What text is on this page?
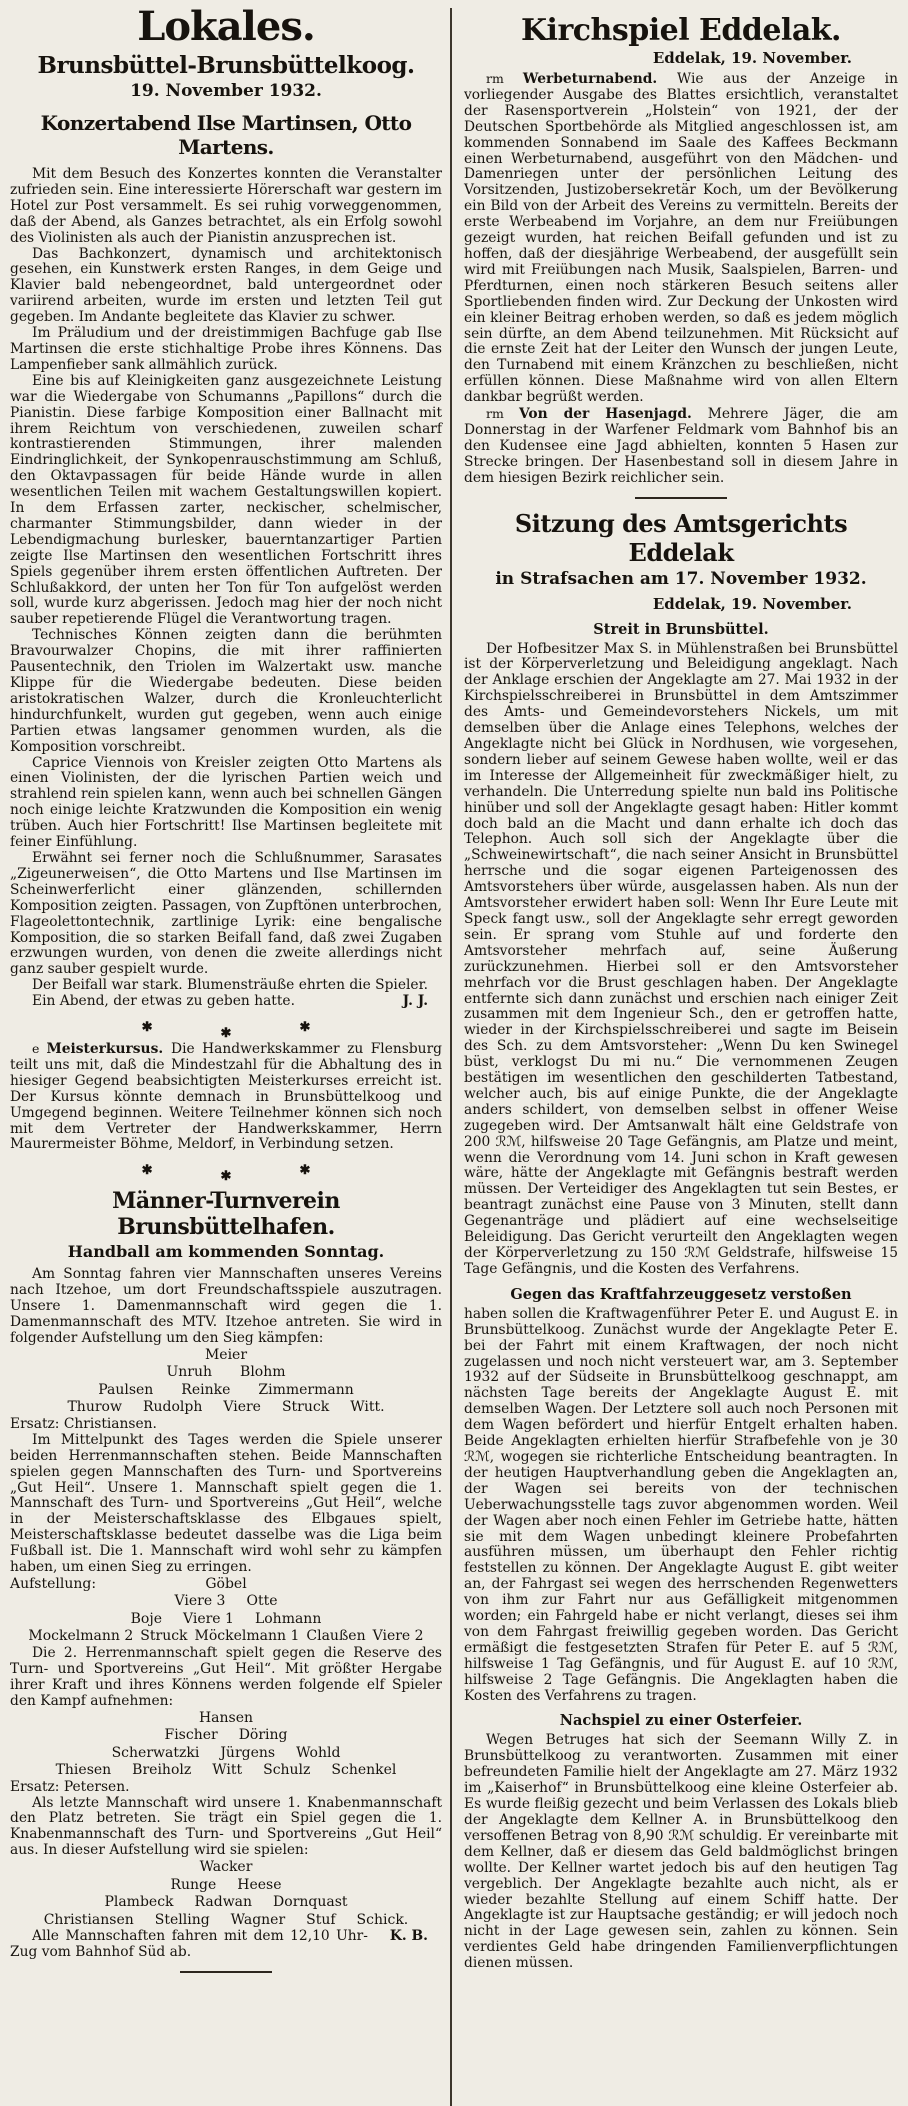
Lokales.
Brunsbüttel-Brunsbüttelkoog.
19. November 1932.
Konzertabend Ilse Martinsen, Otto Martens.

Mit dem Besuch des Konzertes konnten die Veranstalter zufrieden sein. Eine interessierte Hörerschaft war gestern im Hotel zur Post versammelt. Es sei ruhig vorweggenommen, daß der Abend, als Ganzes betrachtet, als ein Erfolg sowohl des Violinisten als auch der Pianistin anzusprechen ist.

Das Bachkonzert, dynamisch und architektonisch gesehen, ein Kunstwerk ersten Ranges, in dem Geige und Klavier bald nebengeordnet, bald untergeordnet oder variirend arbeiten, wurde im ersten und letzten Teil gut gegeben. Im Andante begleitete das Klavier zu schwer.

Im Präludium und der dreistimmigen Bachfuge gab Ilse Martinsen die erste stichhaltige Probe ihres Könnens. Das Lampenfieber sank allmählich zurück.

Eine bis auf Kleinigkeiten ganz ausgezeichnete Leistung war die Wiedergabe von Schumanns „Papillons“ durch die Pianistin. Diese farbige Komposition einer Ballnacht mit ihrem Reichtum von verschiedenen, zuweilen scharf kontrastierenden Stimmungen, ihrer malenden Eindringlichkeit, der Synkopenrauschstimmung am Schluß, den Oktavpassagen für beide Hände wurde in allen wesentlichen Teilen mit wachem Gestaltungswillen kopiert. In dem Erfassen zarter, neckischer, schelmischer, charmanter Stimmungsbilder, dann wieder in der Lebendigmachung burlesker, bauerntanzartiger Partien zeigte Ilse Martinsen den wesentlichen Fortschritt ihres Spiels gegenüber ihrem ersten öffentlichen Auftreten. Der Schlußakkord, der unten her Ton für Ton aufgelöst werden soll, wurde kurz abgerissen. Jedoch mag hier der noch nicht sauber repetierende Flügel die Verantwortung tragen.

Technisches Können zeigten dann die berühmten Bravourwalzer Chopins, die mit ihrer raffinierten Pausentechnik, den Triolen im Walzertakt usw. manche Klippe für die Wiedergabe bedeuten. Diese beiden aristokratischen Walzer, durch die Kronleuchterlicht hindurchfunkelt, wurden gut gegeben, wenn auch einige Partien etwas langsamer genommen wurden, als die Komposition vorschreibt.

Caprice Viennois von Kreisler zeigten Otto Martens als einen Violinisten, der die lyrischen Partien weich und strahlend rein spielen kann, wenn auch bei schnellen Gängen noch einige leichte Kratzwunden die Komposition ein wenig trüben. Auch hier Fortschritt! Ilse Martinsen begleitete mit feiner Einfühlung.

Erwähnt sei ferner noch die Schlußnummer, Sarasates „Zigeunerweisen“, die Otto Martens und Ilse Martinsen im Scheinwerferlicht einer glänzenden, schillernden Komposition zeigten. Passagen, von Zupftönen unterbrochen, Flageolettontechnik, zartlinige Lyrik: eine bengalische Komposition, die so starken Beifall fand, daß zwei Zugaben erzwungen wurden, von denen die zweite allerdings nicht ganz sauber gespielt wurde.

Der Beifall war stark. Blumensträuße ehrten die Spieler.

J. J.
Ein Abend, der etwas zu geben hatte.

✱	✱	✱

e Meisterkursus. Die Handwerkskammer zu Flensburg teilt uns mit, daß die Mindestzahl für die Abhaltung des in hiesiger Gegend beabsichtigten Meisterkurses erreicht ist. Der Kursus könnte demnach in Brunsbüttelkoog und Umgegend beginnen. Weitere Teilnehmer können sich noch mit dem Vertreter der Handwerkskammer, Herrn Maurermeister Böhme, Meldorf, in Verbindung setzen.

✱	✱	✱
Männer-Turnverein Brunsbüttelhafen.
Handball am kommenden Sonntag.

Am Sonntag fahren vier Mannschaften unseres Vereins nach Itzehoe, um dort Freundschaftsspiele auszutragen. Unsere 1. Damenmannschaft wird gegen die 1. Damenmannschaft des MTV. Itzehoe antreten. Sie wird in folgender Aufstellung um den Sieg kämpfen:

Meier
Unruh  Blohm
Paulsen  Reinke  Zimmermann
Thurow  Rudolph  Viere  Struck  Witt.

Ersatz: Christiansen.

Im Mittelpunkt des Tages werden die Spiele unserer beiden Herrenmannschaften stehen. Beide Mannschaften spielen gegen Mannschaften des Turn- und Sportvereins „Gut Heil“. Unsere 1. Mannschaft spielt gegen die 1. Mannschaft des Turn- und Sportvereins „Gut Heil“, welche in der Meisterschaftsklasse des Elbgaues spielt, Meisterschaftsklasse bedeutet dasselbe was die Liga beim Fußball ist. Die 1. Mannschaft wird wohl sehr zu kämpfen haben, um einen Sieg zu erringen.

Aufstellung:	Göbel
Viere 3  Otte
Boje  Viere 1  Lohmann
Mockelmann 2 Struck Möckelmann 1 Claußen Viere 2

Die 2. Herrenmannschaft spielt gegen die Reserve des Turn- und Sportvereins „Gut Heil“. Mit größter Hergabe ihrer Kraft und ihres Könnens werden folgende elf Spieler den Kampf aufnehmen:

Hansen
Fischer  Döring
Scherwatzki  Jürgens  Wohld
Thiesen  Breiholz  Witt  Schulz  Schenkel

Ersatz: Petersen.

Als letzte Mannschaft wird unsere 1. Knabenmannschaft den Platz betreten. Sie trägt ein Spiel gegen die 1. Knabenmannschaft des Turn- und Sportvereins „Gut Heil“ aus. In dieser Aufstellung wird sie spielen:

Wacker
Runge  Heese
Plambeck  Radwan  Dornquast
Christiansen  Stelling  Wagner  Stuf  Schick.

K. B.
Alle Mannschaften fahren mit dem 12,10 Uhr-Zug vom Bahnhof Süd ab.

Kirchspiel Eddelak.
Eddelak, 19. November.

rm Werbeturnabend. Wie aus der Anzeige in vorliegender Ausgabe des Blattes ersichtlich, veranstaltet der Rasensportverein „Holstein“ von 1921, der der Deutschen Sportbehörde als Mitglied angeschlossen ist, am kommenden Sonnabend im Saale des Kaffees Beckmann einen Werbeturnabend, ausgeführt von den Mädchen- und Damenriegen unter der persönlichen Leitung des Vorsitzenden, Justizobersekretär Koch, um der Bevölkerung ein Bild von der Arbeit des Vereins zu vermitteln. Bereits der erste Werbeabend im Vorjahre, an dem nur Freiübungen gezeigt wurden, hat reichen Beifall gefunden und ist zu hoffen, daß der diesjährige Werbeabend, der ausgefüllt sein wird mit Freiübungen nach Musik, Saalspielen, Barren- und Pferdturnen, einen noch stärkeren Besuch seitens aller Sportliebenden finden wird. Zur Deckung der Unkosten wird ein kleiner Beitrag erhoben werden, so daß es jedem möglich sein dürfte, an dem Abend teilzunehmen. Mit Rücksicht auf die ernste Zeit hat der Leiter den Wunsch der jungen Leute, den Turnabend mit einem Kränzchen zu beschließen, nicht erfüllen können. Diese Maßnahme wird von allen Eltern dankbar begrüßt werden.

rm Von der Hasenjagd. Mehrere Jäger, die am Donnerstag in der Warfener Feldmark vom Bahnhof bis an den Kudensee eine Jagd abhielten, konnten 5 Hasen zur Strecke bringen. Der Hasenbestand soll in diesem Jahre in dem hiesigen Bezirk reichlicher sein.

Sitzung des Amtsgerichts Eddelak
in Strafsachen am 17. November 1932.
Eddelak, 19. November.
Streit in Brunsbüttel.

Der Hofbesitzer Max S. in Mühlenstraßen bei Brunsbüttel ist der Körperverletzung und Beleidigung angeklagt. Nach der Anklage erschien der Angeklagte am 27. Mai 1932 in der Kirchspielsschreiberei in Brunsbüttel in dem Amtszimmer des Amts- und Gemeindevorstehers Nickels, um mit demselben über die Anlage eines Telephons, welches der Angeklagte nicht bei Glück in Nordhusen, wie vorgesehen, sondern lieber auf seinem Gewese haben wollte, weil er das im Interesse der Allgemeinheit für zweckmäßiger hielt, zu verhandeln. Die Unterredung spielte nun bald ins Politische hinüber und soll der Angeklagte gesagt haben: Hitler kommt doch bald an die Macht und dann erhalte ich doch das Telephon. Auch soll sich der Angeklagte über die „Schweinewirtschaft“, die nach seiner Ansicht in Brunsbüttel herrsche und die sogar eigenen Parteigenossen des Amtsvorstehers über würde, ausgelassen haben. Als nun der Amtsvorsteher erwidert haben soll: Wenn Ihr Eure Leute mit Speck fangt usw., soll der Angeklagte sehr erregt geworden sein. Er sprang vom Stuhle auf und forderte den Amtsvorsteher mehrfach auf, seine Äußerung zurückzunehmen. Hierbei soll er den Amtsvorsteher mehrfach vor die Brust geschlagen haben. Der Angeklagte entfernte sich dann zunächst und erschien nach einiger Zeit zusammen mit dem Ingenieur Sch., den er getroffen hatte, wieder in der Kirchspielsschreiberei und sagte im Beisein des Sch. zu dem Amtsvorsteher: „Wenn Du ken Swinegel büst, verklogst Du mi nu.“ Die vernommenen Zeugen bestätigen im wesentlichen den geschilderten Tatbestand, welcher auch, bis auf einige Punkte, die der Angeklagte anders schildert, von demselben selbst in offener Weise zugegeben wird. Der Amtsanwalt hält eine Geldstrafe von 200 ℛℳ, hilfsweise 20 Tage Gefängnis, am Platze und meint, wenn die Verordnung vom 14. Juni schon in Kraft gewesen wäre, hätte der Angeklagte mit Gefängnis bestraft werden müssen. Der Verteidiger des Angeklagten tut sein Bestes, er beantragt zunächst eine Pause von 3 Minuten, stellt dann Gegenanträge und plädiert auf eine wechselseitige Beleidigung. Das Gericht verurteilt den Angeklagten wegen der Körperverletzung zu 150 ℛℳ Geldstrafe, hilfsweise 15 Tage Gefängnis, und die Kosten des Verfahrens.

Gegen das Kraftfahrzeuggesetz verstoßen

haben sollen die Kraftwagenführer Peter E. und August E. in Brunsbüttelkoog. Zunächst wurde der Angeklagte Peter E. bei der Fahrt mit einem Kraftwagen, der noch nicht zugelassen und noch nicht versteuert war, am 3. September 1932 auf der Südseite in Brunsbüttelkoog geschnappt, am nächsten Tage bereits der Angeklagte August E. mit demselben Wagen. Der Letztere soll auch noch Personen mit dem Wagen befördert und hierfür Entgelt erhalten haben. Beide Angeklagten erhielten hierfür Strafbefehle von je 30 ℛℳ, wogegen sie richterliche Entscheidung beantragten. In der heutigen Hauptverhandlung geben die Angeklagten an, der Wagen sei bereits von der technischen Ueberwachungsstelle tags zuvor abgenommen worden. Weil der Wagen aber noch einen Fehler im Getriebe hatte, hätten sie mit dem Wagen unbedingt kleinere Probefahrten ausführen müssen, um überhaupt den Fehler richtig feststellen zu können. Der Angeklagte August E. gibt weiter an, der Fahrgast sei wegen des herrschenden Regenwetters von ihm zur Fahrt nur aus Gefälligkeit mitgenommen worden; ein Fahrgeld habe er nicht verlangt, dieses sei ihm von dem Fahrgast freiwillig gegeben worden. Das Gericht ermäßigt die festgesetzten Strafen für Peter E. auf 5 ℛℳ, hilfsweise 1 Tag Gefängnis, und für August E. auf 10 ℛℳ, hilfsweise 2 Tage Gefängnis. Die Angeklagten haben die Kosten des Verfahrens zu tragen.

Nachspiel zu einer Osterfeier.

Wegen Betruges hat sich der Seemann Willy Z. in Brunsbüttelkoog zu verantworten. Zusammen mit einer befreundeten Familie hielt der Angeklagte am 27. März 1932 im „Kaiserhof“ in Brunsbüttelkoog eine kleine Osterfeier ab. Es wurde fleißig gezecht und beim Verlassen des Lokals blieb der Angeklagte dem Kellner A. in Brunsbüttelkoog den versoffenen Betrag von 8,90 ℛℳ schuldig. Er vereinbarte mit dem Kellner, daß er diesem das Geld baldmöglichst bringen wollte. Der Kellner wartet jedoch bis auf den heutigen Tag vergeblich. Der Angeklagte bezahlte auch nicht, als er wieder bezahlte Stellung auf einem Schiff hatte. Der Angeklagte ist zur Hauptsache geständig; er will jedoch noch nicht in der Lage gewesen sein, zahlen zu können. Sein verdientes Geld habe dringenden Familienverpflichtungen dienen müssen.
